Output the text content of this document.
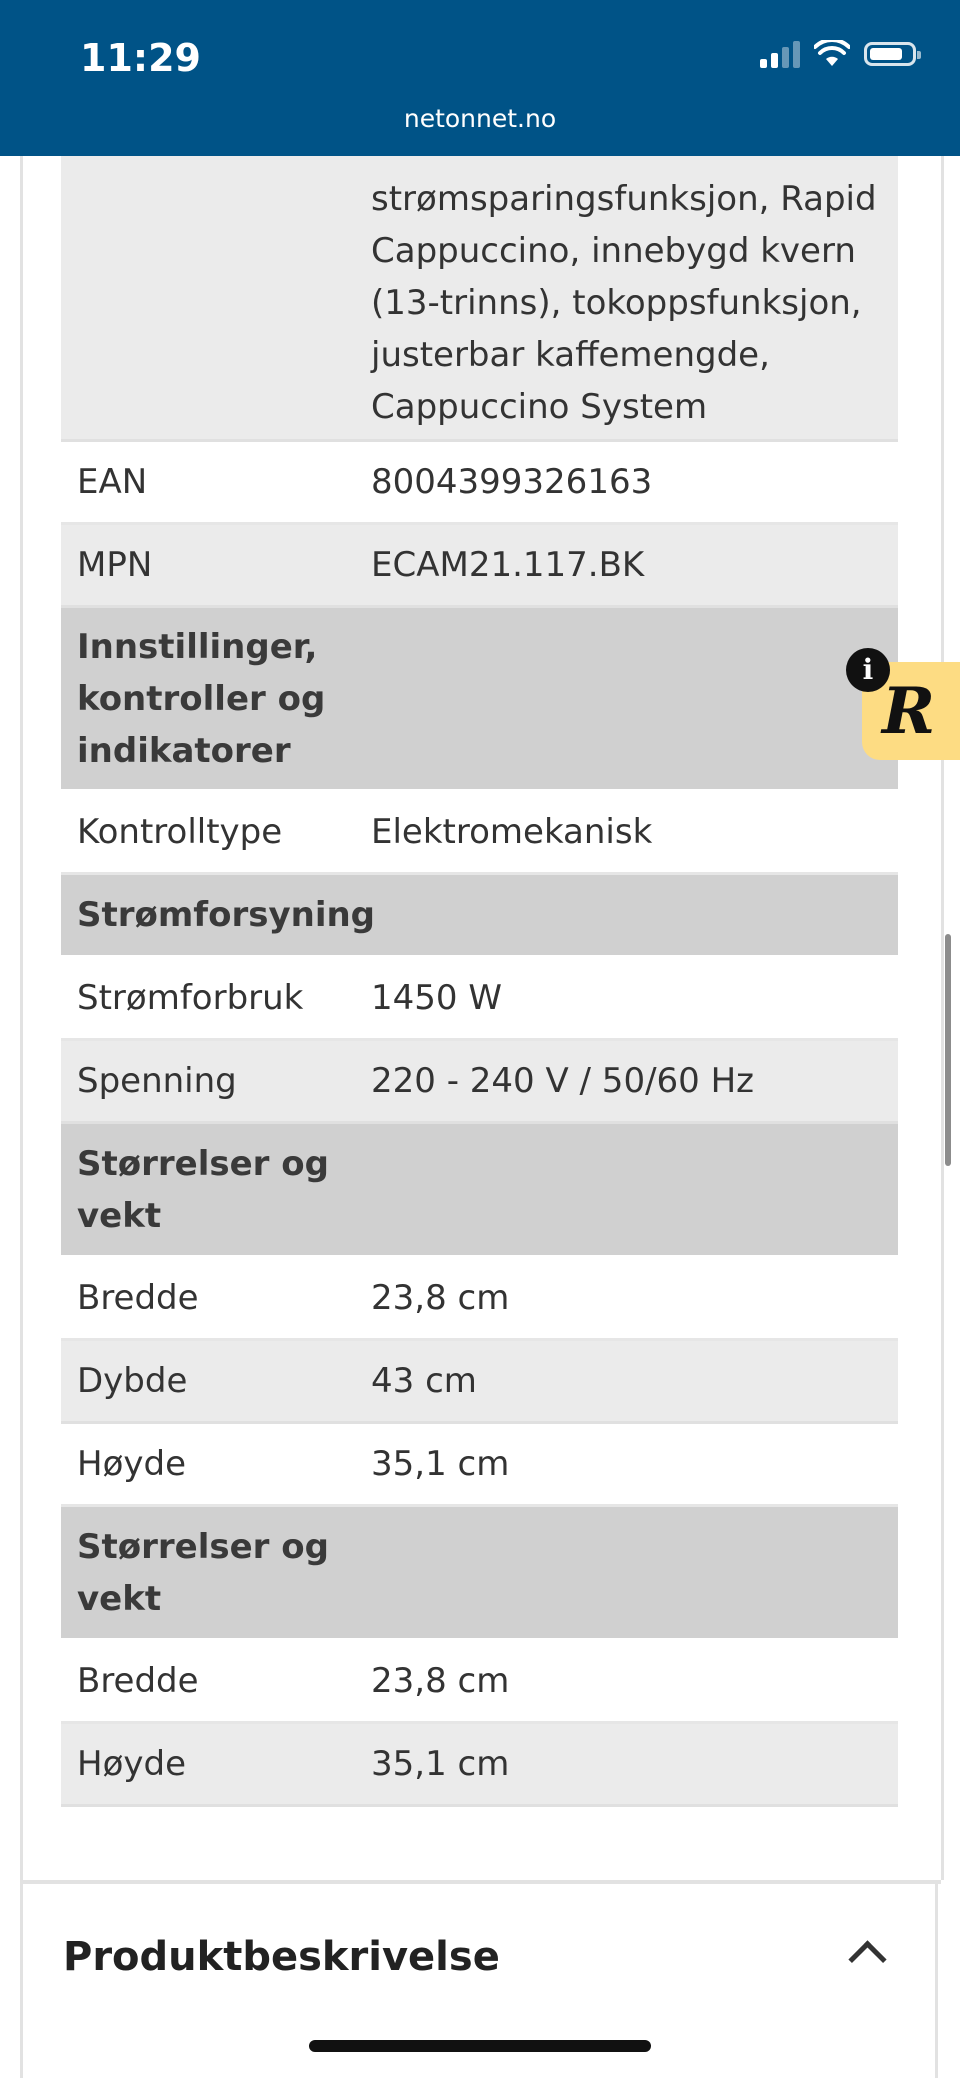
11:29
netonnet.no
strømsparingsfunksjon, Rapid
Cappuccino, innebygd kvern
(13-trinns), tokoppsfunksjon,
justerbar kaffemengde,
Cappuccino System
EAN	8004399326163
MPN	ECAM21.117.BK
Innstillinger,
kontroller og
indikatorer
Kontrolltype	Elektromekanisk
Strømforsyning
Strømforbruk	1450 W
Spenning	220 - 240 V / 50/60 Hz
Størrelser og
vekt
Bredde	23,8 cm
Dybde	43 cm
Høyde	35,1 cm
Størrelser og
vekt
Bredde	23,8 cm
Høyde	35,1 cm
R
i
Produktbeskrivelse
